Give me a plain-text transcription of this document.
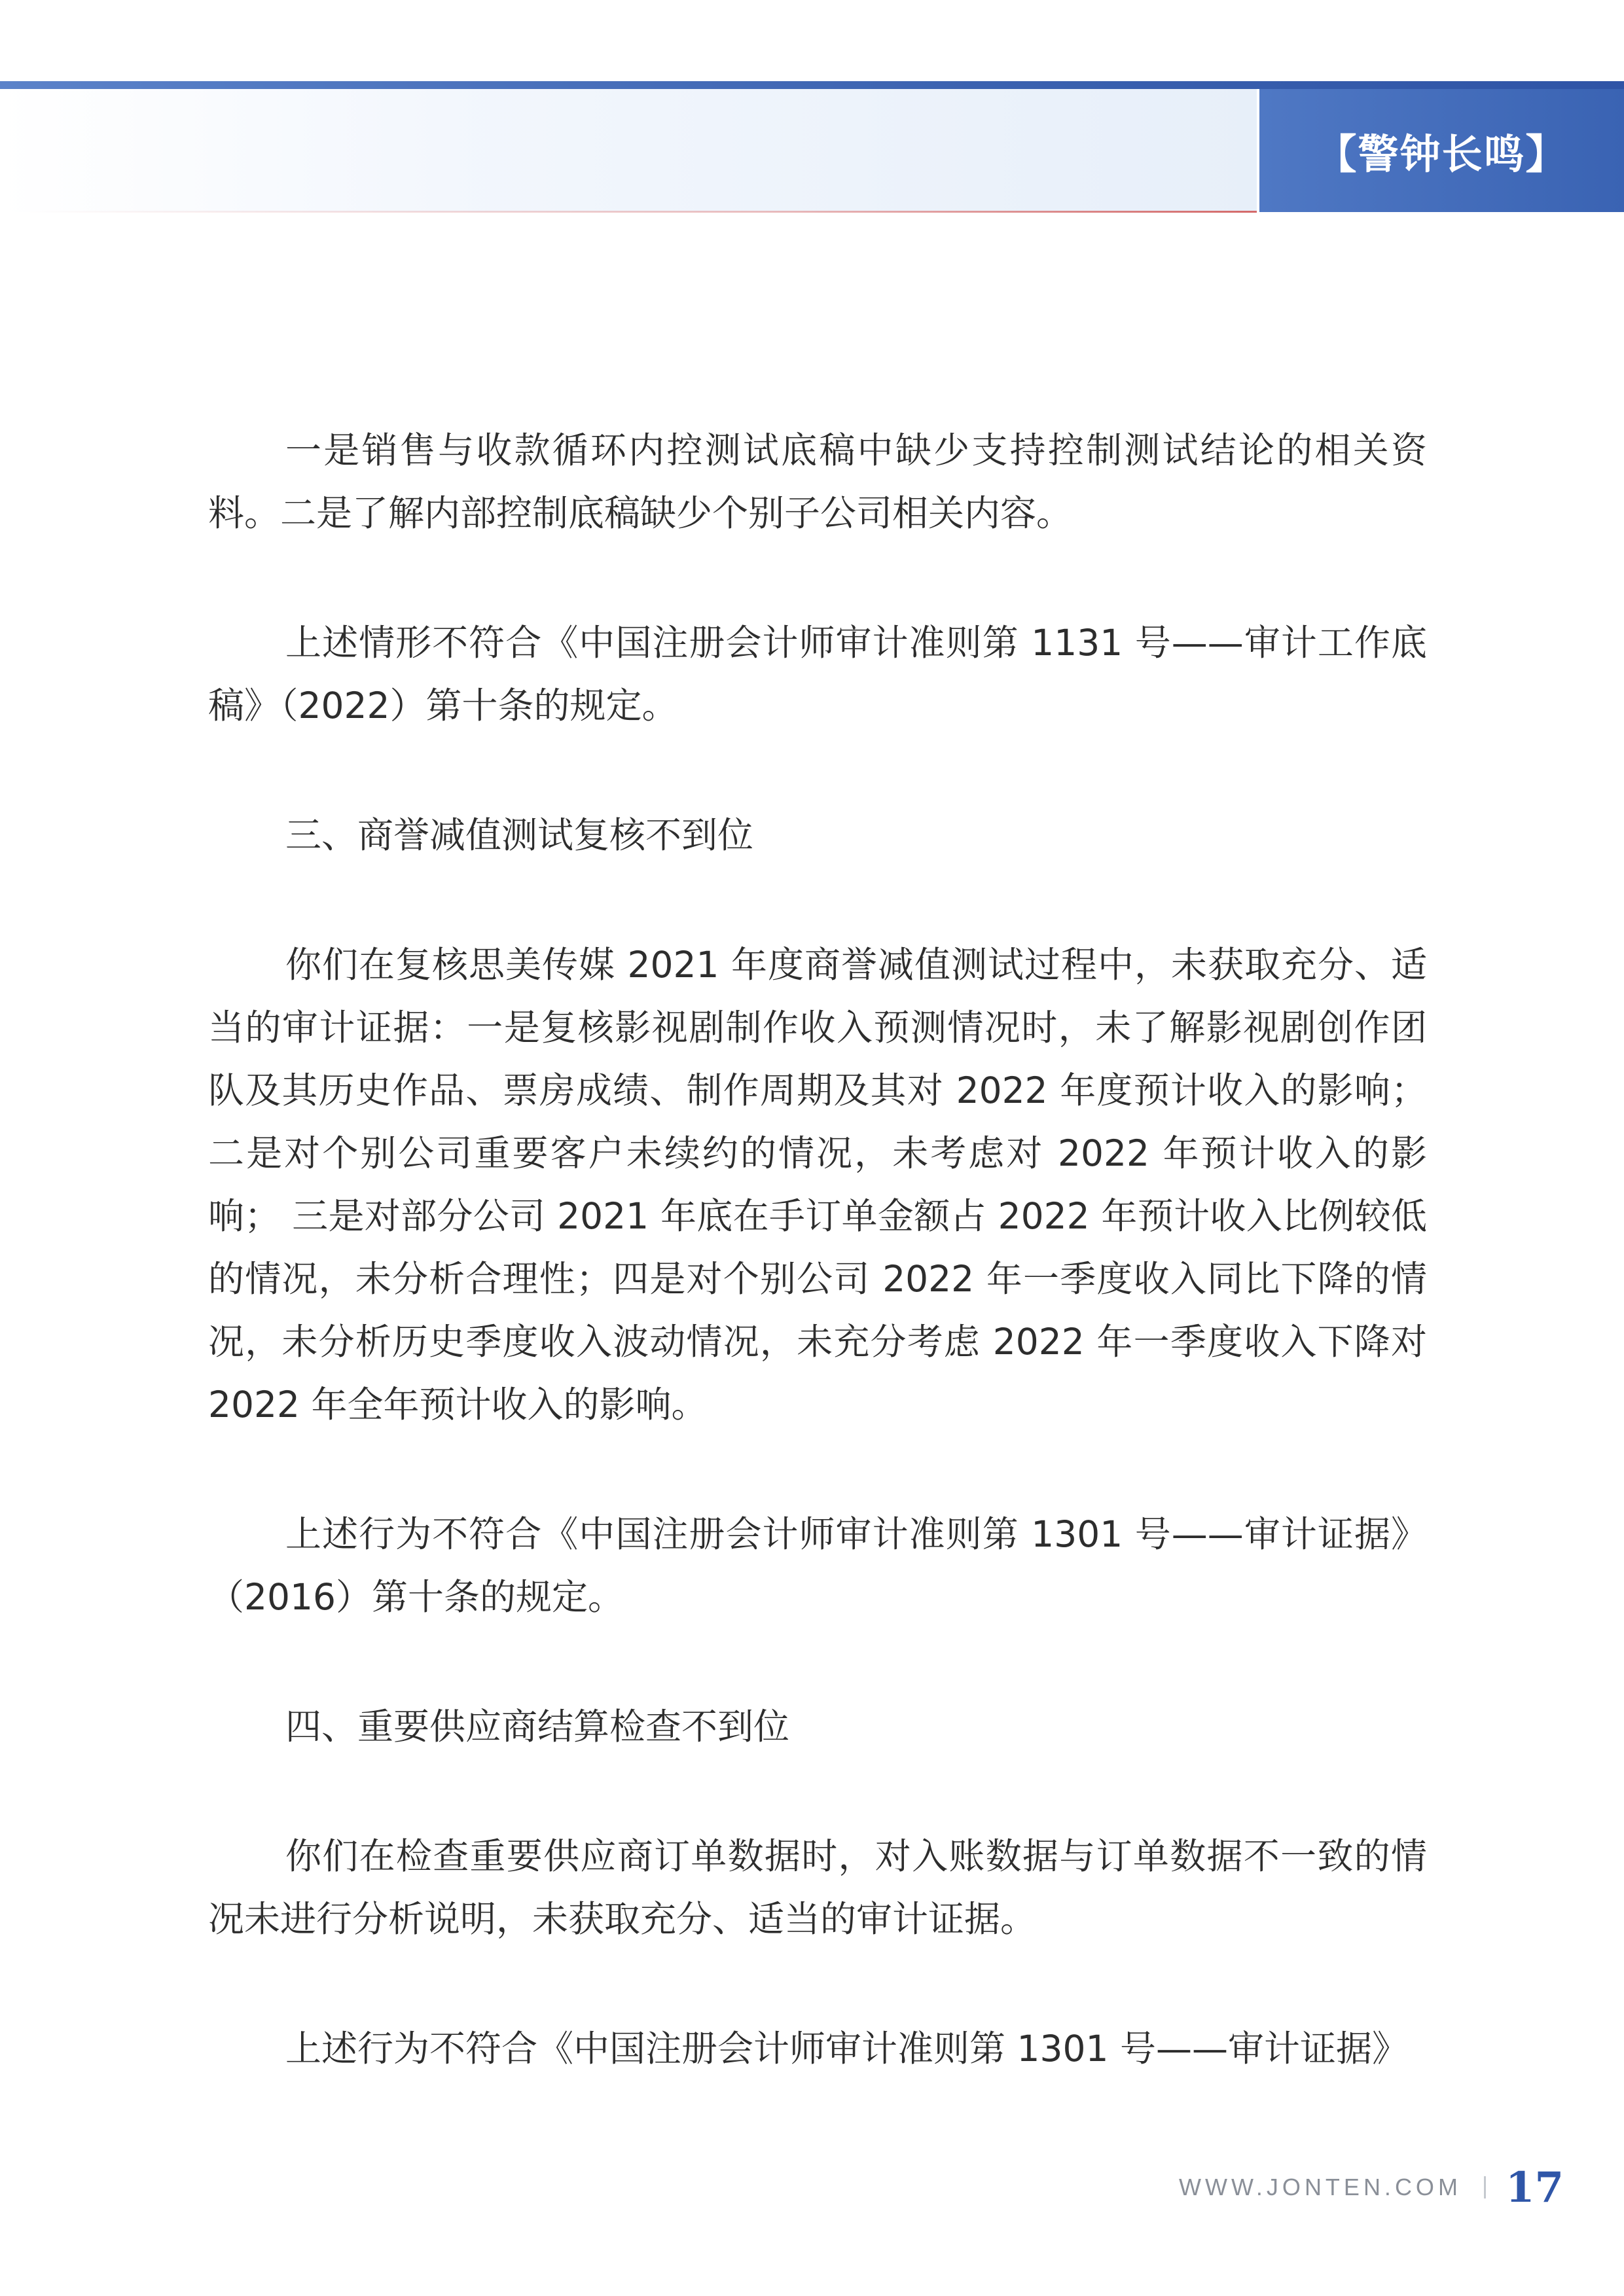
【警钟长鸣】

一是销售与收款循环内控测试底稿中缺少支持控制测试结论的相关资料。二是了解内部控制底稿缺少个别子公司相关内容。

上述情形不符合《中国注册会计师审计准则第 1131 号——审计工作底稿》（2022）第十条的规定。

三、商誉减值测试复核不到位

你们在复核思美传媒 2021 年度商誉减值测试过程中，未获取充分、适当的审计证据：一是复核影视剧制作收入预测情况时，未了解影视剧创作团队及其历史作品、票房成绩、制作周期及其对 2022 年度预计收入的影响；二是对个别公司重要客户未续约的情况，未考虑对 2022 年预计收入的影响； 三是对部分公司 2021 年底在手订单金额占 2022 年预计收入比例较低的情况，未分析合理性；四是对个别公司 2022 年一季度收入同比下降的情况，未分析历史季度收入波动情况，未充分考虑 2022 年一季度收入下降对 2022 年全年预计收入的影响。

上述行为不符合《中国注册会计师审计准则第 1301 号——审计证据》（2016）第十条的规定。

四、重要供应商结算检查不到位

你们在检查重要供应商订单数据时，对入账数据与订单数据不一致的情况未进行分析说明，未获取充分、适当的审计证据。

上述行为不符合《中国注册会计师审计准则第 1301 号——审计证据》

WWW.JONTEN.COM 17
